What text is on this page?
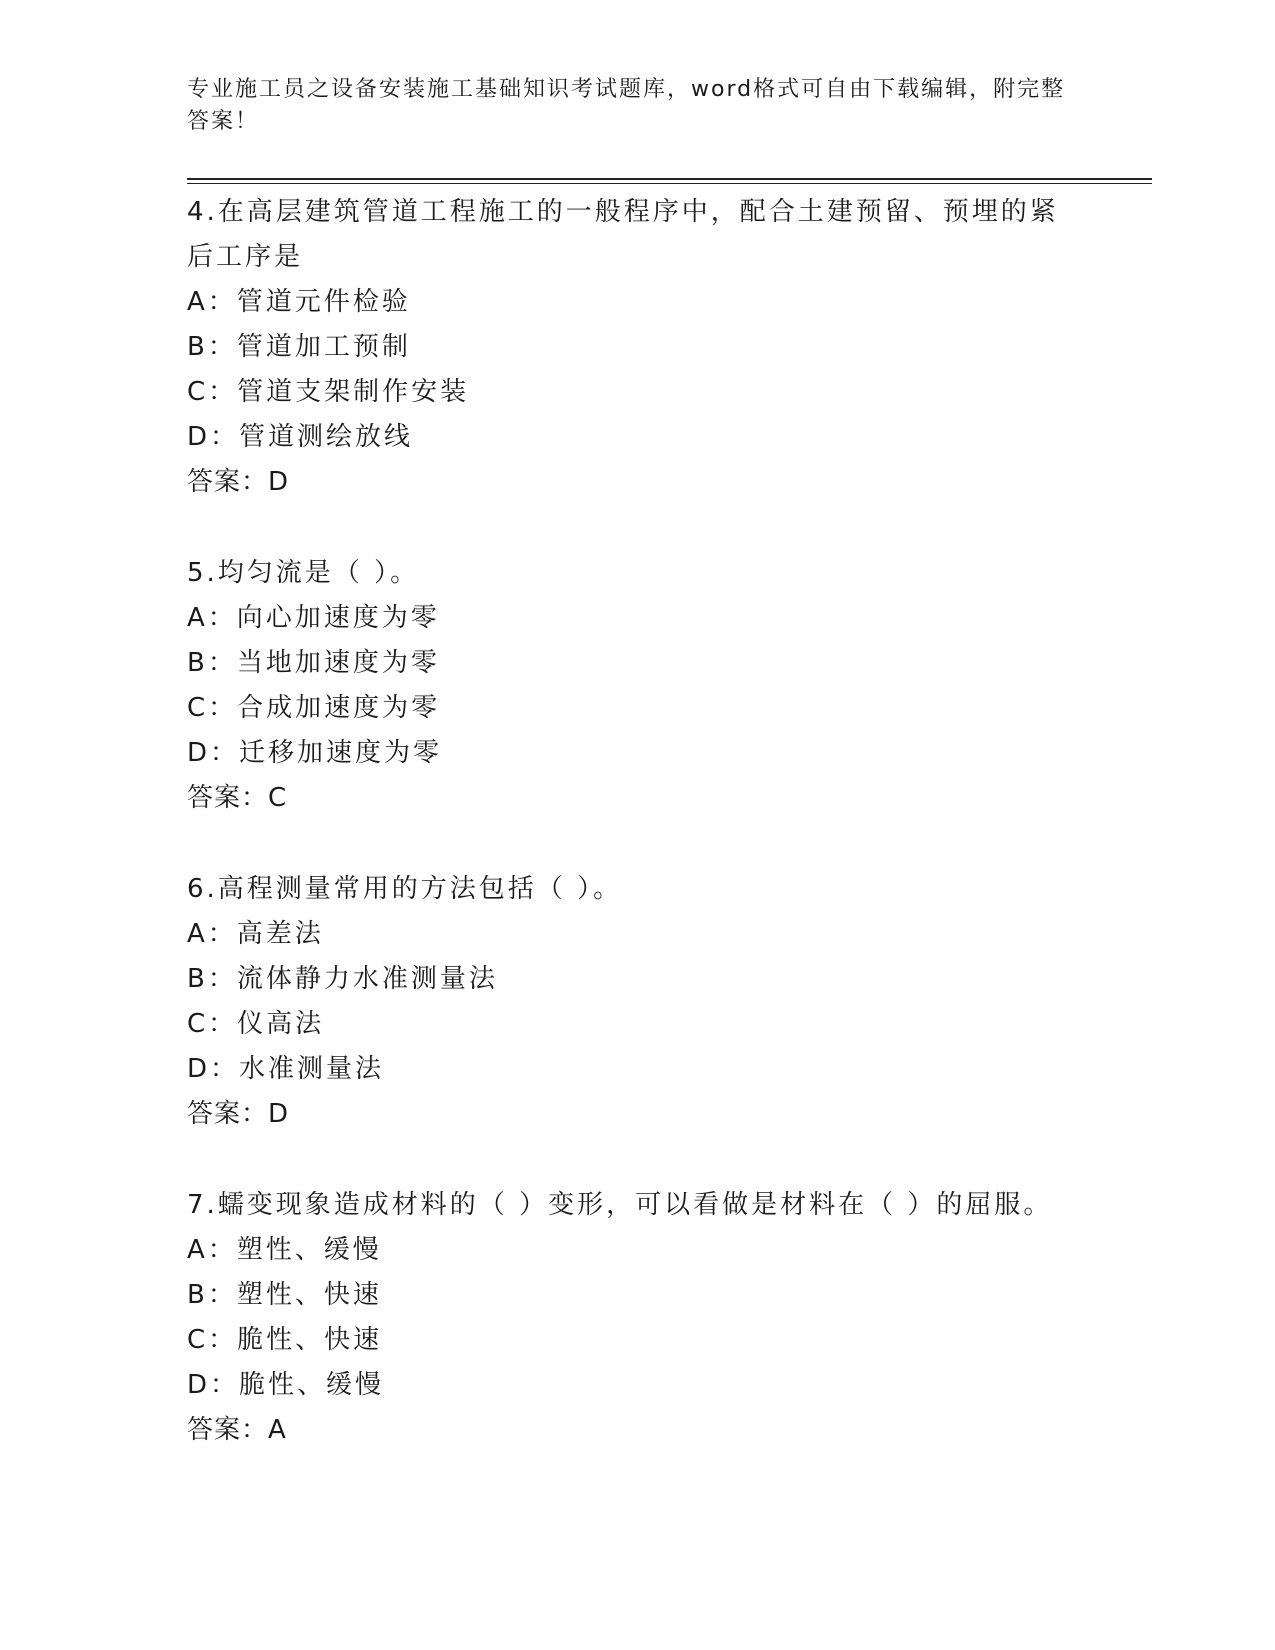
专业施工员之设备安装施工基础知识考试题库，word格式可自由下载编辑，附完整答案！

4.在高层建筑管道工程施工的一般程序中，配合土建预留、预埋的紧后工序是

A：管道元件检验

B：管道加工预制

C：管道支架制作安装

D：管道测绘放线

答案：D

5.均匀流是（ ）。

A：向心加速度为零

B：当地加速度为零

C：合成加速度为零

D：迁移加速度为零

答案：C

6.高程测量常用的方法包括（ ）。

A：高差法

B：流体静力水准测量法

C：仪高法

D：水准测量法

答案：D

7.蠕变现象造成材料的（ ）变形，可以看做是材料在（ ）的屈服。

A：塑性、缓慢

B：塑性、快速

C：脆性、快速

D：脆性、缓慢

答案：A
